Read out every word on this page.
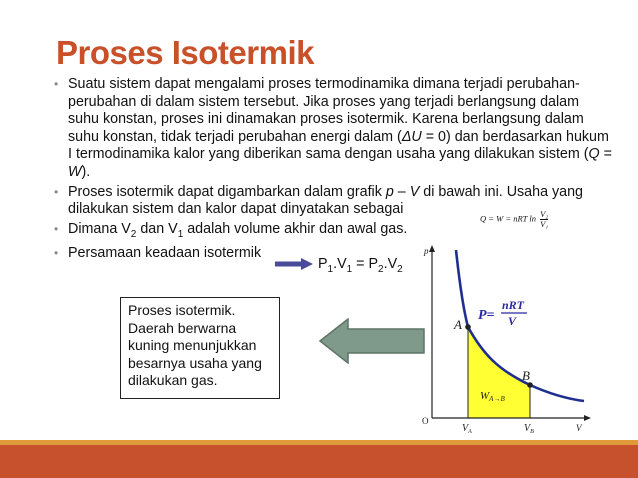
Proses Isotermik
• Suatu sistem dapat mengalami proses termodinamika dimana terjadi perubahan-perubahan di dalam sistem tersebut. Jika proses yang terjadi berlangsung dalam suhu konstan, proses ini dinamakan proses isotermik. Karena berlangsung dalam suhu konstan, tidak terjadi perubahan energi dalam (ΔU = 0) dan berdasarkan hukum I termodinamika kalor yang diberikan sama dengan usaha yang dilakukan sistem (Q = W).
• Proses isotermik dapat digambarkan dalam grafik p – V di bawah ini. Usaha yang dilakukan sistem dan kalor dapat dinyatakan sebagai
• Dimana $V_2$ dan $V_1$ adalah volume akhir dan awal gas.
• Persamaan keadaan isotermik
Q = W = nRT $\ln \frac{\text{V₂}}{\text{V₁}}$
$P_1.V_1 = P_2.V_2$
Proses isotermik. Daerah berwarna kuning menunjukkan besarnya usaha yang dilakukan gas.
p
V
O
A
B
P=
nRT
V
WA→B
$V_A$	$V_B$
